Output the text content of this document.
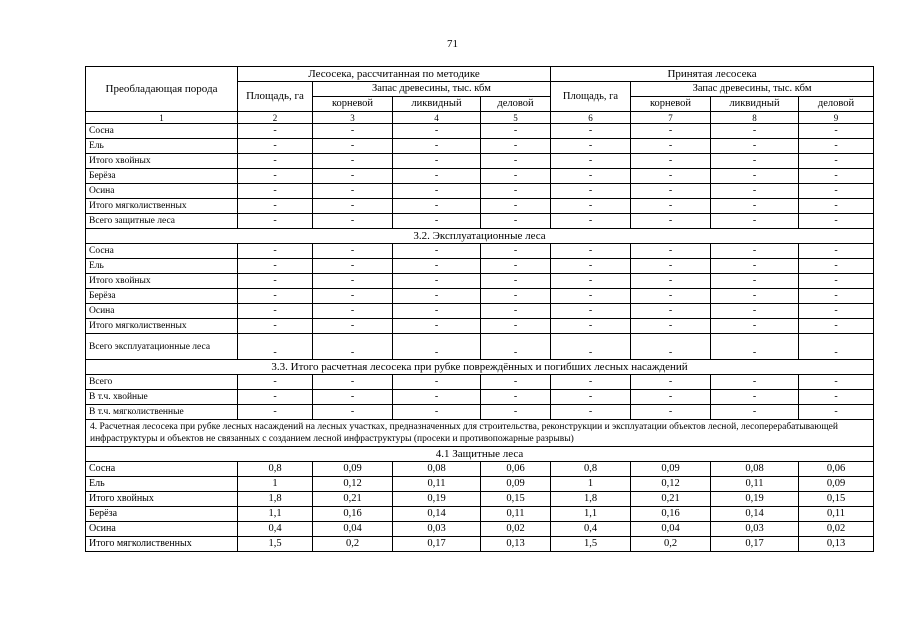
71
Преобладающая порода	Лесосека, рассчитанная по методике				Принятая лесосека			
	Площадь, га	Запас древесины, тыс. кбм			Площадь, га	Запас древесины, тыс. кбм		
		корневой	ликвидный	деловой		корневой	ликвидный	деловой
1	2	3	4	5	6	7	8	9
Сосна	-	-	-	-	-	-	-	-
Ель	-	-	-	-	-	-	-	-
Итого хвойных	-	-	-	-	-	-	-	-
Берёза	-	-	-	-	-	-	-	-
Осина	-	-	-	-	-	-	-	-
Итого мягколиственных	-	-	-	-	-	-	-	-
Всего защитные леса	-	-	-	-	-	-	-	-
3.2. Эксплуатационные леса								
Сосна	-	-	-	-	-	-	-	-
Ель	-	-	-	-	-	-	-	-
Итого хвойных	-	-	-	-	-	-	-	-
Берёза	-	-	-	-	-	-	-	-
Осина	-	-	-	-	-	-	-	-
Итого мягколиственных	-	-	-	-	-	-	-	-
Всего эксплуатационные леса	-	-	-	-	-	-	-	-
3.3. Итого расчетная лесосека при рубке повреждённых и погибших лесных насаждений								
Всего	-	-	-	-	-	-	-	-
В т.ч. хвойные	-	-	-	-	-	-	-	-
В т.ч. мягколиственные	-	-	-	-	-	-	-	-
4. Расчетная лесосека при рубке лесных насаждений на лесных участках, предназначенных для строительства, реконструкции и эксплуатации объектов лесной, лесоперерабатывающей инфраструктуры и объектов не связанных с созданием лесной инфраструктуры (просеки и противопожарные разрывы)								
4.1 Защитные леса								
Сосна	0,8	0,09	0,08	0,06	0,8	0,09	0,08	0,06
Ель	1	0,12	0,11	0,09	1	0,12	0,11	0,09
Итого хвойных	1,8	0,21	0,19	0,15	1,8	0,21	0,19	0,15
Берёза	1,1	0,16	0,14	0,11	1,1	0,16	0,14	0,11
Осина	0,4	0,04	0,03	0,02	0,4	0,04	0,03	0,02
Итого мягколиственных	1,5	0,2	0,17	0,13	1,5	0,2	0,17	0,13
